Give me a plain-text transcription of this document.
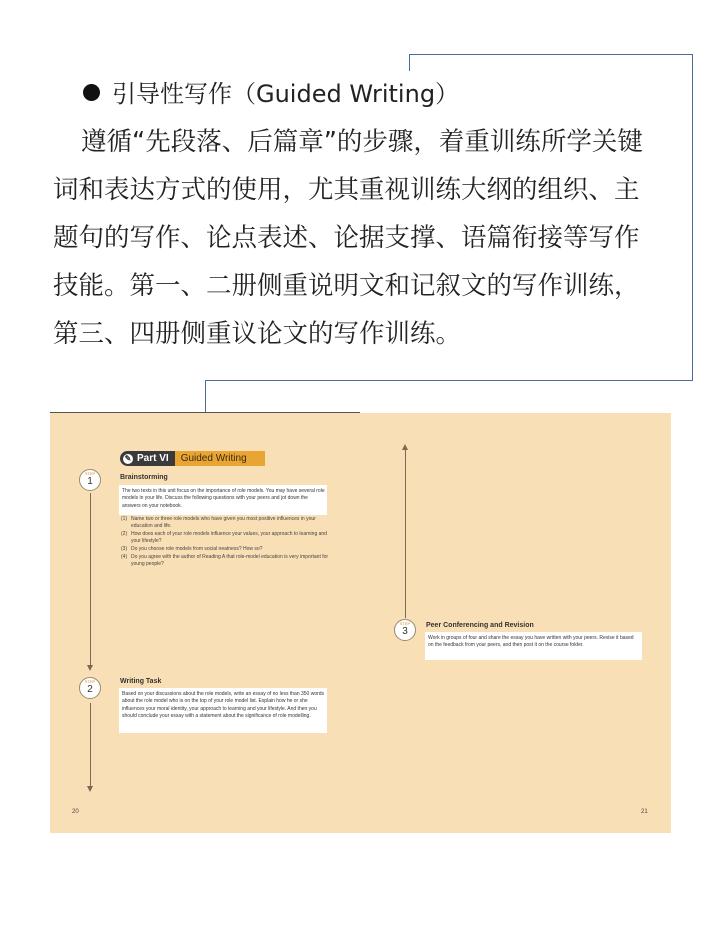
引导性写作（Guided Writing）

遵循“先段落、后篇章”的步骤，着重训练所学关键

词和表达方式的使用，尤其重视训练大纲的组织、主

题句的写作、论点表述、论据支撑、语篇衔接等写作

技能。第一、二册侧重说明文和记叙文的写作训练，

第三、四册侧重议论文的写作训练。

✎ Part VI	Guided Writing
STEP
1	Brainstorming
The two texts in this unit focus on the importance of role models. You may have several role models in your life. Discuss the following questions with your peers and jot down the answers on your notebook.
(1) Name two or three role models who have given you most positive influences in your education and life.
(2) How does each of your role models influence your values, your approach to learning and your lifestyle?
(3) Do you choose role models from social neatness? How so?
(4) Do you agree with the author of Reading A that role-model education is very important for young people?
STEP
2
Writing Task
Based on your discussions about the role models, write an essay of no less than 350 words about the role model who is on the top of your role model list. Explain how he or she influences your moral identity, your approach to learning and your lifestyle. And then you should conclude your essay with a statement about the significance of role modelling.
20
STEP
3
Peer Conferencing and Revision
Work in groups of four and share the essay you have written with your peers. Revise it based on the feedback from your peers, and then post it on the course folder.
21
